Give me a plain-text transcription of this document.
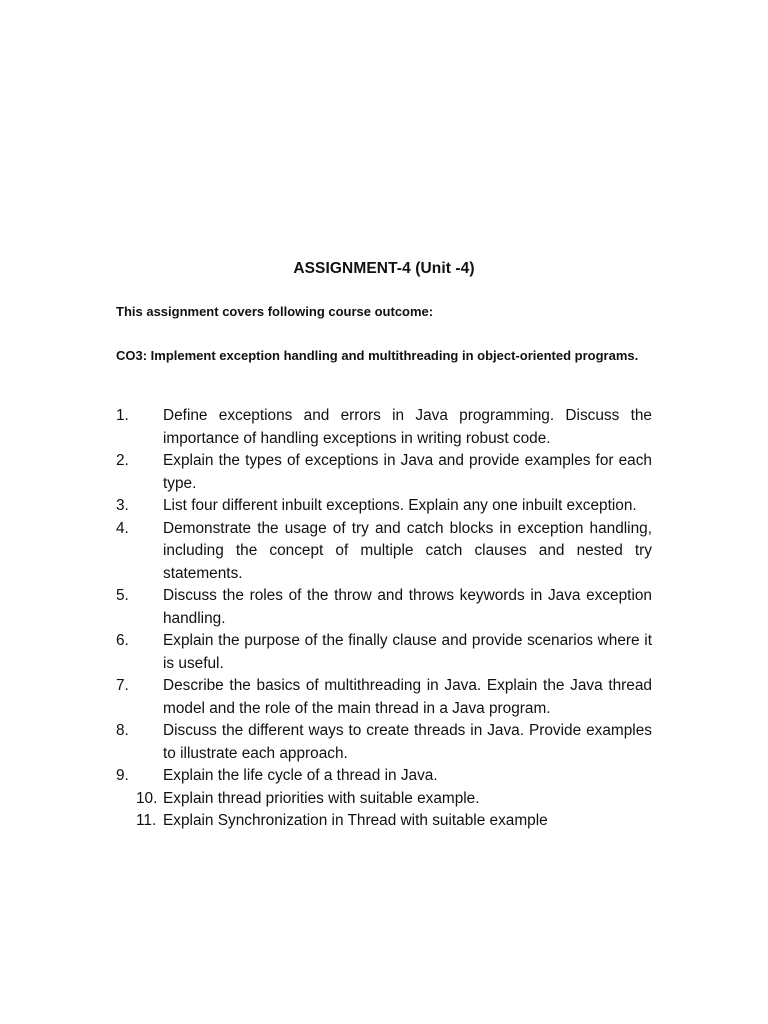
ASSIGNMENT-4 (Unit -4)
This assignment covers following course outcome:
CO3: Implement exception handling and multithreading in object-oriented programs.
1.	Define exceptions and errors in Java programming. Discuss the importance of handling exceptions in writing robust code.
2.	Explain the types of exceptions in Java and provide examples for each type.
3.	List four different inbuilt exceptions. Explain any one inbuilt exception.
4.	Demonstrate the usage of try and catch blocks in exception handling, including the concept of multiple catch clauses and nested try statements.
5.	Discuss the roles of the throw and throws keywords in Java exception handling.
6.	Explain the purpose of the finally clause and provide scenarios where it is useful.
7.	Describe the basics of multithreading in Java. Explain the Java thread model and the role of the main thread in a Java program.
8.	Discuss the different ways to create threads in Java. Provide examples to illustrate each approach.
9.	Explain the life cycle of a thread in Java.
10. Explain thread priorities with suitable example.
11. Explain Synchronization in Thread with suitable example
